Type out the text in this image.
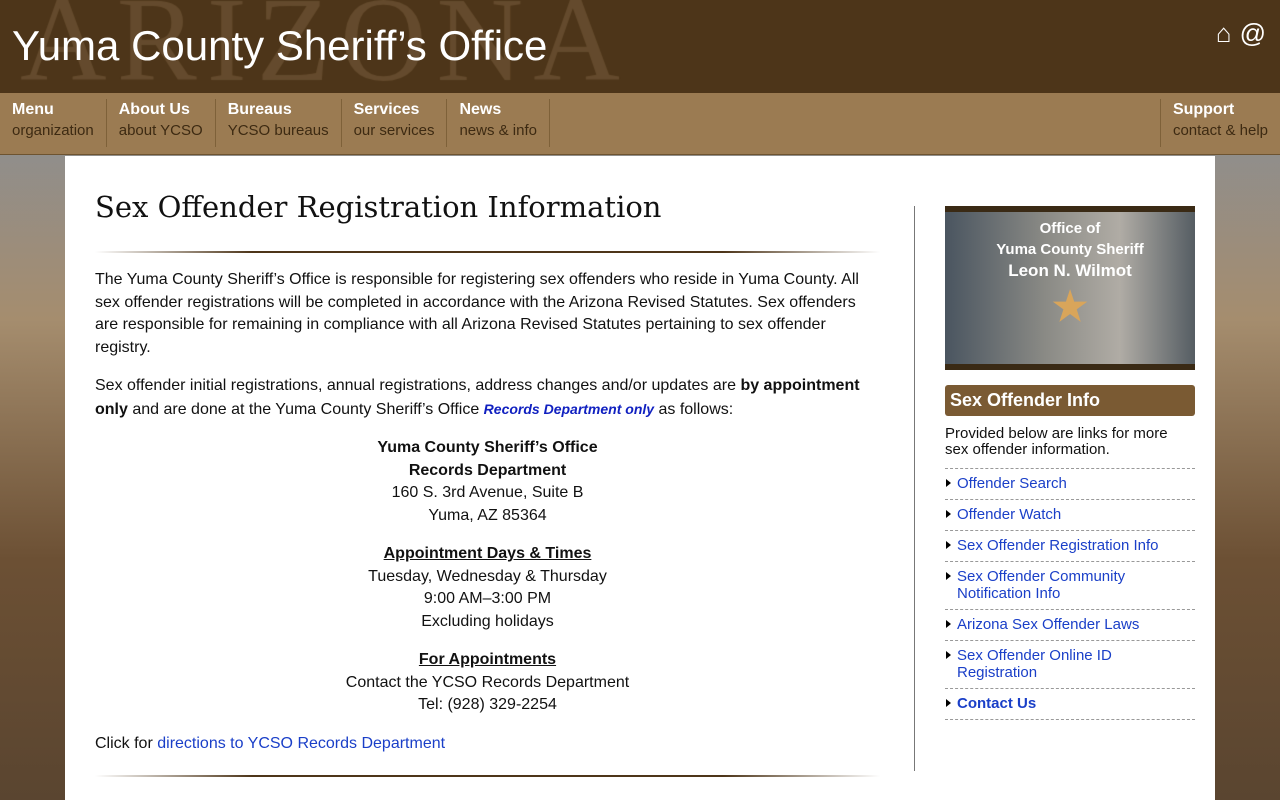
Yuma County Sheriff’s Office	⌂ @
Menu
organization
About Us
about YCSO
Bureaus
YCSO bureaus
Services
our services
News
news & info
Support
contact & help
Sex Offender Registration Information

The Yuma County Sheriff’s Office is responsible for registering sex offenders who reside in Yuma County. All sex offender registrations will be completed in accordance with the Arizona Revised Statutes. Sex offenders are responsible for remaining in compliance with all Arizona Revised Statutes pertaining to sex offender registry.

Sex offender initial registrations, annual registrations, address changes and/or updates are by appointment only and are done at the Yuma County Sheriff’s Office Records Department only as follows:

Yuma County Sheriff’s Office
Records Department
160 S. 3rd Avenue, Suite B
Yuma, AZ 85364
Appointment Days & Times
Tuesday, Wednesday & Thursday
9:00 AM–3:00 PM
Excluding holidays
For Appointments
Contact the YCSO Records Department
Tel: (928) 329-2254

Click for directions to YCSO Records Department

Office of
Yuma County Sheriff
Leon N. Wilmot
★
Sex Offender Info
Provided below are links for more sex offender information.
Offender Search
Offender Watch
Sex Offender Registration Info
Sex Offender Community Notification Info
Arizona Sex Offender Laws
Sex Offender Online ID Registration
Contact Us
